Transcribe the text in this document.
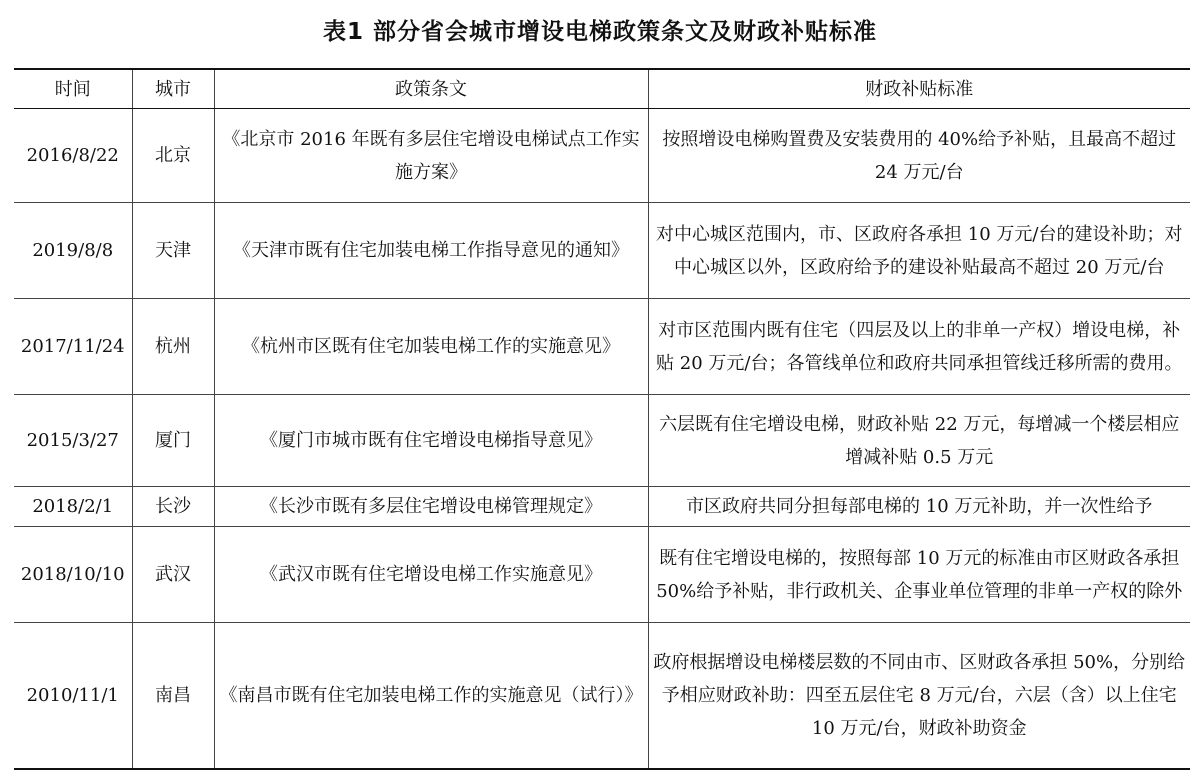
表1 部分省会城市增设电梯政策条文及财政补贴标准
时间	城市	政策条文	财政补贴标准
2016/8/22	北京	《北京市 2016 年既有多层住宅增设电梯试点工作实施方案》	按照增设电梯购置费及安装费用的 40%给予补贴，且最高不超过 24 万元/台
2019/8/8	天津	《天津市既有住宅加装电梯工作指导意见的通知》	对中心城区范围内，市、区政府各承担 10 万元/台的建设补助；对中心城区以外，区政府给予的建设补贴最高不超过 20 万元/台
2017/11/24	杭州	《杭州市区既有住宅加装电梯工作的实施意见》	对市区范围内既有住宅（四层及以上的非单一产权）增设电梯，补贴 20 万元/台；各管线单位和政府共同承担管线迁移所需的费用。
2015/3/27	厦门	《厦门市城市既有住宅增设电梯指导意见》	六层既有住宅增设电梯，财政补贴 22 万元，每增减一个楼层相应增减补贴 0.5 万元
2018/2/1	长沙	《长沙市既有多层住宅增设电梯管理规定》	市区政府共同分担每部电梯的 10 万元补助，并一次性给予
2018/10/10	武汉	《武汉市既有住宅增设电梯工作实施意见》	既有住宅增设电梯的，按照每部 10 万元的标准由市区财政各承担 50%给予补贴，非行政机关、企事业单位管理的非单一产权的除外
2010/11/1	南昌	《南昌市既有住宅加装电梯工作的实施意见（试行）》	政府根据增设电梯楼层数的不同由市、区财政各承担 50%，分别给予相应财政补助：四至五层住宅 8 万元/台，六层（含）以上住宅 10 万元/台，财政补助资金
